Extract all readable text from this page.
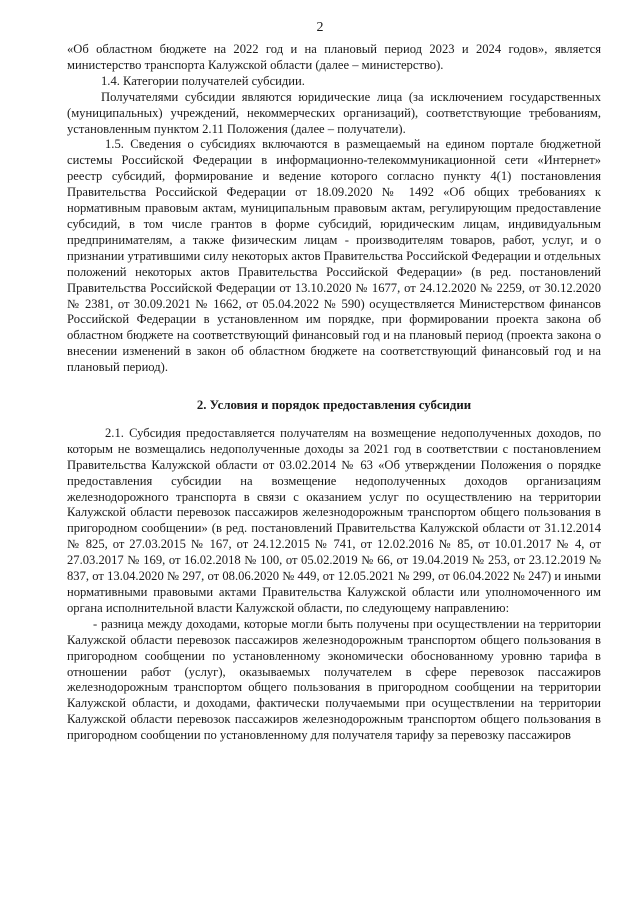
2

«Об областном бюджете на 2022 год и на плановый период 2023 и 2024 годов», является министерство транспорта Калужской области (далее – министерство).

1.4. Категории получателей субсидии.

Получателями субсидии являются юридические лица (за исключением государственных (муниципальных) учреждений, некоммерческих организаций), соответствующие требованиям, установленным пунктом 2.11 Положения (далее – получатели).

1.5. Сведения о субсидиях включаются в размещаемый на едином портале бюджетной системы Российской Федерации в информационно-телекоммуникационной сети «Интернет» реестр субсидий, формирование и ведение которого согласно пункту 4(1) постановления Правительства Российской Федерации от 18.09.2020 № 1492 «Об общих требованиях к нормативным правовым актам, муниципальным правовым актам, регулирующим предоставление субсидий, в том числе грантов в форме субсидий, юридическим лицам, индивидуальным предпринимателям, а также физическим лицам - производителям товаров, работ, услуг, и о признании утратившими силу некоторых актов Правительства Российской Федерации и отдельных положений некоторых актов Правительства Российской Федерации» (в ред. постановлений Правительства Российской Федерации от 13.10.2020 № 1677, от 24.12.2020 № 2259, от 30.12.2020 № 2381, от 30.09.2021 № 1662, от 05.04.2022 № 590) осуществляется Министерством финансов Российской Федерации в установленном им порядке, при формировании проекта закона об областном бюджете на соответствующий финансовый год и на плановый период (проекта закона о внесении изменений в закон об областном бюджете на соответствующий финансовый год и на плановый период).

2. Условия и порядок предоставления субсидии

2.1. Субсидия предоставляется получателям на возмещение недополученных доходов, по которым не возмещались недополученные доходы за 2021 год в соответствии с постановлением Правительства Калужской области от 03.02.2014 № 63 «Об утверждении Положения о порядке предоставления субсидии на возмещение недополученных доходов организациям железнодорожного транспорта в связи с оказанием услуг по осуществлению на территории Калужской области перевозок пассажиров железнодорожным транспортом общего пользования в пригородном сообщении» (в ред. постановлений Правительства Калужской области от 31.12.2014 № 825, от 27.03.2015 № 167, от 24.12.2015 № 741, от 12.02.2016 № 85, от 10.01.2017 № 4, от 27.03.2017 № 169, от 16.02.2018 № 100, от 05.02.2019 № 66, от 19.04.2019 № 253, от 23.12.2019 № 837, от 13.04.2020 № 297, от 08.06.2020 № 449, от 12.05.2021 № 299, от 06.04.2022 № 247) и иными нормативными правовыми актами Правительства Калужской области или уполномоченного им органа исполнительной власти Калужской области, по следующему направлению:

- разница между доходами, которые могли быть получены при осуществлении на территории Калужской области перевозок пассажиров железнодорожным транспортом общего пользования в пригородном сообщении по установленному экономически обоснованному уровню тарифа в отношении работ (услуг), оказываемых получателем в сфере перевозок пассажиров железнодорожным транспортом общего пользования в пригородном сообщении на территории Калужской области, и доходами, фактически получаемыми при осуществлении на территории Калужской области перевозок пассажиров железнодорожным транспортом общего пользования в пригородном сообщении по установленному для получателя тарифу за перевозку пассажиров
